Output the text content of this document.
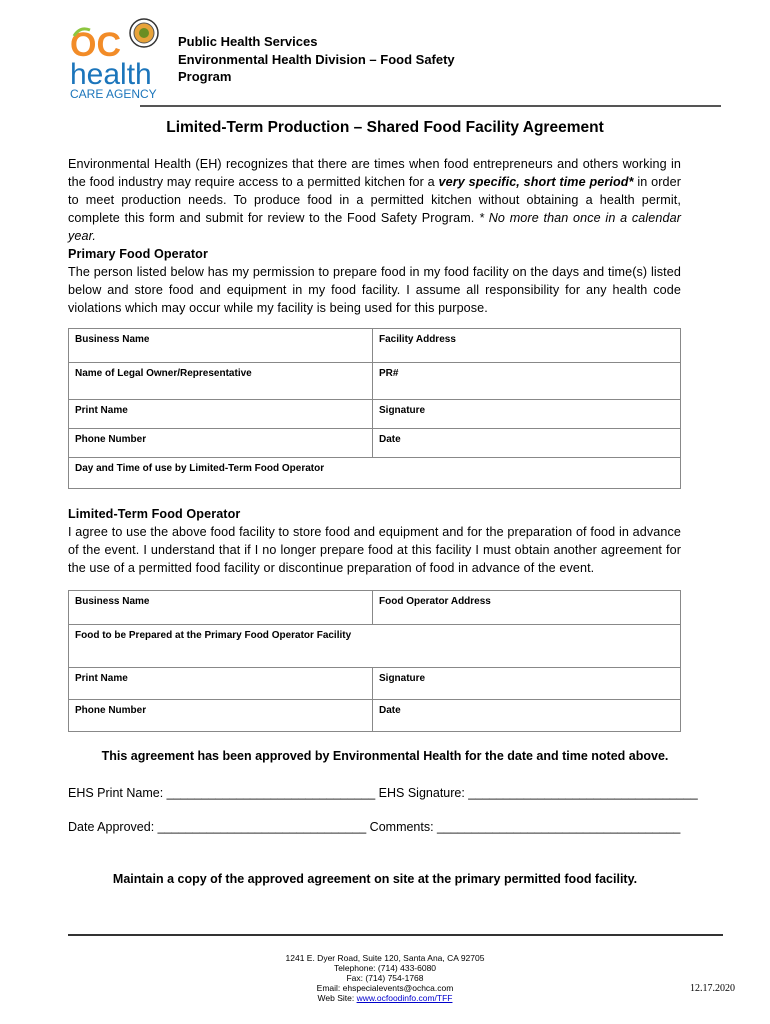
OC
health
CARE AGENCY
Public Health Services
Environmental Health Division – Food Safety
Program
Limited-Term Production – Shared Food Facility Agreement
Environmental Health (EH) recognizes that there are times when food entrepreneurs and others working in the food industry may require access to a permitted kitchen for a very specific, short time period* in order to meet production needs. To produce food in a permitted kitchen without obtaining a health permit, complete this form and submit for review to the Food Safety Program. * No more than once in a calendar year.
Primary Food Operator
The person listed below has my permission to prepare food in my food facility on the days and time(s) listed below and store food and equipment in my food facility. I assume all responsibility for any health code violations which may occur while my facility is being used for this purpose.
Business Name	Facility Address
Name of Legal Owner/Representative	PR#
Print Name	Signature
Phone Number	Date
Day and Time of use by Limited-Term Food Operator	
Limited-Term Food Operator
I agree to use the above food facility to store food and equipment and for the preparation of food in advance of the event. I understand that if I no longer prepare food at this facility I must obtain another agreement for the use of a permitted food facility or discontinue preparation of food in advance of the event.
Business Name	Food Operator Address
Food to be Prepared at the Primary Food Operator Facility	
Print Name	Signature
Phone Number	Date
This agreement has been approved by Environmental Health for the date and time noted above.
EHS Print Name: ______________________________ EHS Signature: _________________________________
Date Approved: ______________________________ Comments: ___________________________________
Maintain a copy of the approved agreement on site at the primary permitted food facility.
1241 E. Dyer Road, Suite 120, Santa Ana, CA 92705
Telephone: (714) 433-6080
Fax: (714) 754-1768
Email: ehspecialevents@ochca.com
Web Site: www.ocfoodinfo.com/TFF
12.17.2020
